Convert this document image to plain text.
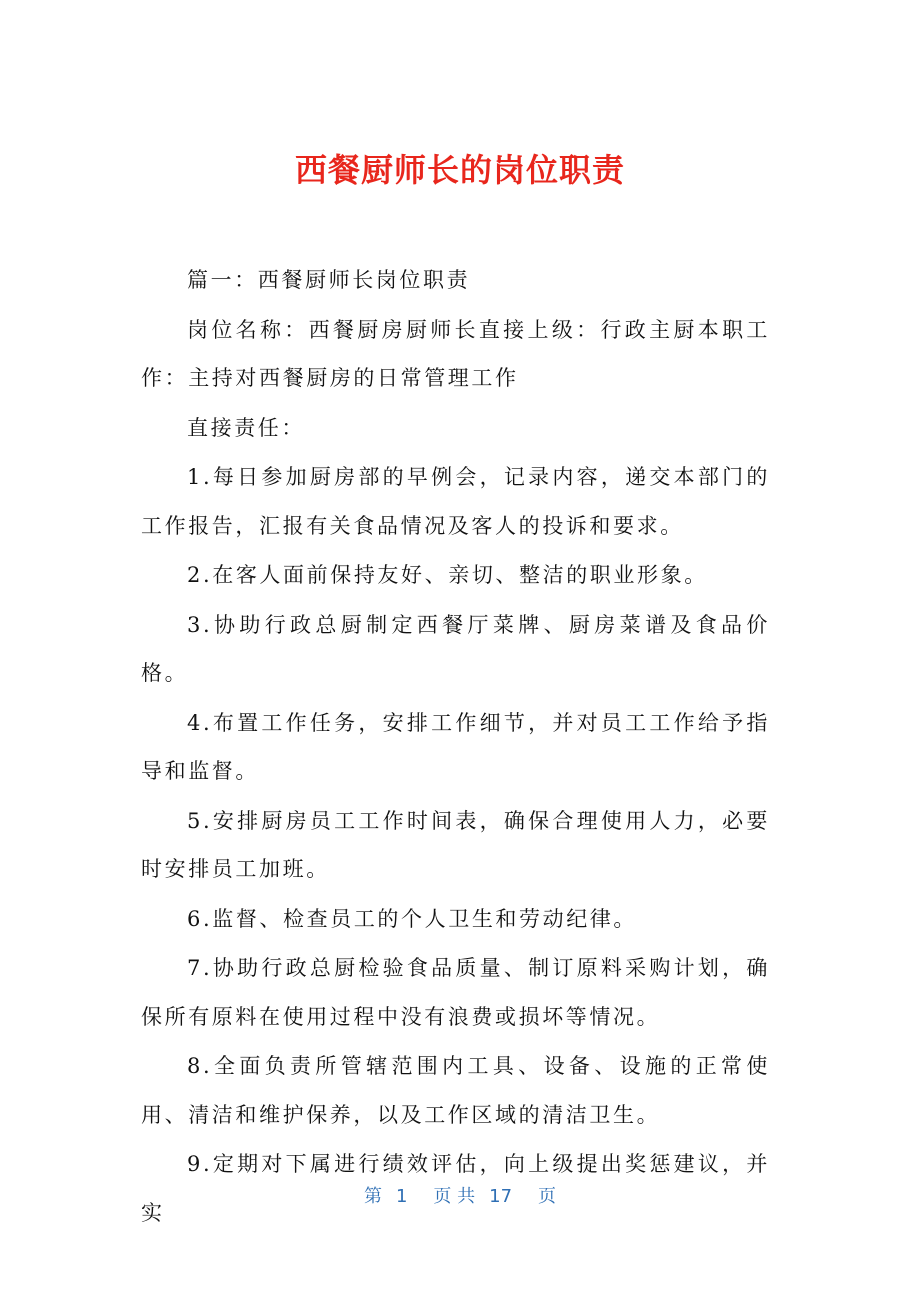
西餐厨师长的岗位职责

篇一：西餐厨师长岗位职责

岗位名称：西餐厨房厨师长直接上级：行政主厨本职工作：主持对西餐厨房的日常管理工作

直接责任：

1.每日参加厨房部的早例会，记录内容，递交本部门的工作报告，汇报有关食品情况及客人的投诉和要求。

2.在客人面前保持友好、亲切、整洁的职业形象。

3.协助行政总厨制定西餐厅菜牌、厨房菜谱及食品价格。

4.布置工作任务，安排工作细节，并对员工工作给予指导和监督。

5.安排厨房员工工作时间表，确保合理使用人力，必要时安排员工加班。

6.监督、检查员工的个人卫生和劳动纪律。

7.协助行政总厨检验食品质量、制订原料采购计划，确保所有原料在使用过程中没有浪费或损坏等情况。

8.全面负责所管辖范围内工具、设备、设施的正常使用、清洁和维护保养，以及工作区域的清洁卫生。

9.定期对下属进行绩效评估，向上级提出奖惩建议，并实

第 1 页 共 17 页
